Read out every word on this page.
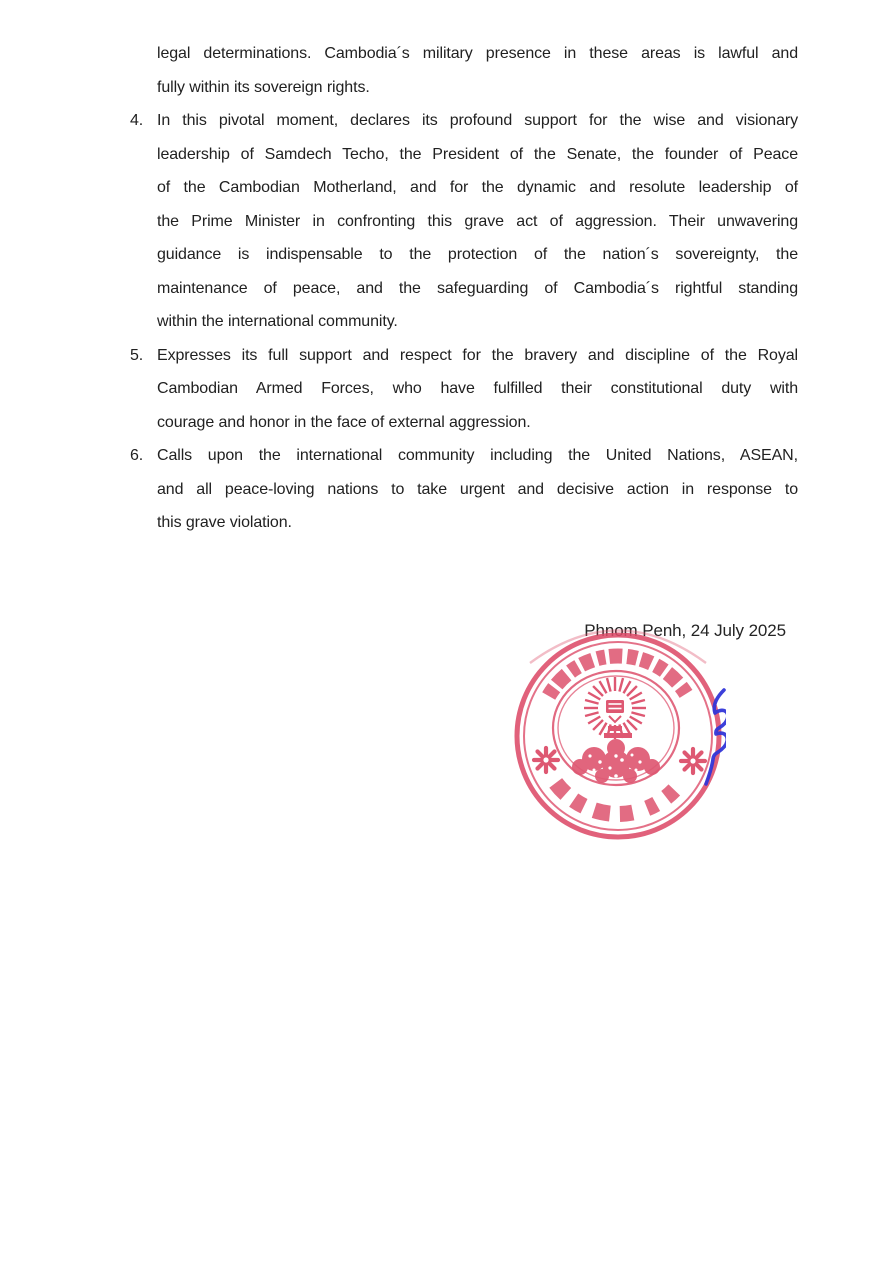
legal determinations. Cambodia´s military presence in these areas is lawful and
fully within its sovereign rights.
4. In this pivotal moment, declares its profound support for the wise and visionary
leadership of Samdech Techo, the President of the Senate, the founder of Peace
of the Cambodian Motherland, and for the dynamic and resolute leadership of
the Prime Minister in confronting this grave act of aggression. Their unwavering
guidance is indispensable to the protection of the nation´s sovereignty, the
maintenance of peace, and the safeguarding of Cambodia´s rightful standing
within the international community.
5. Expresses its full support and respect for the bravery and discipline of the Royal
Cambodian Armed Forces, who have fulfilled their constitutional duty with
courage and honor in the face of external aggression.
6. Calls upon the international community including the United Nations, ASEAN,
and all peace-loving nations to take urgent and decisive action in response to
this grave violation.
Phnom Penh, 24 July 2025
